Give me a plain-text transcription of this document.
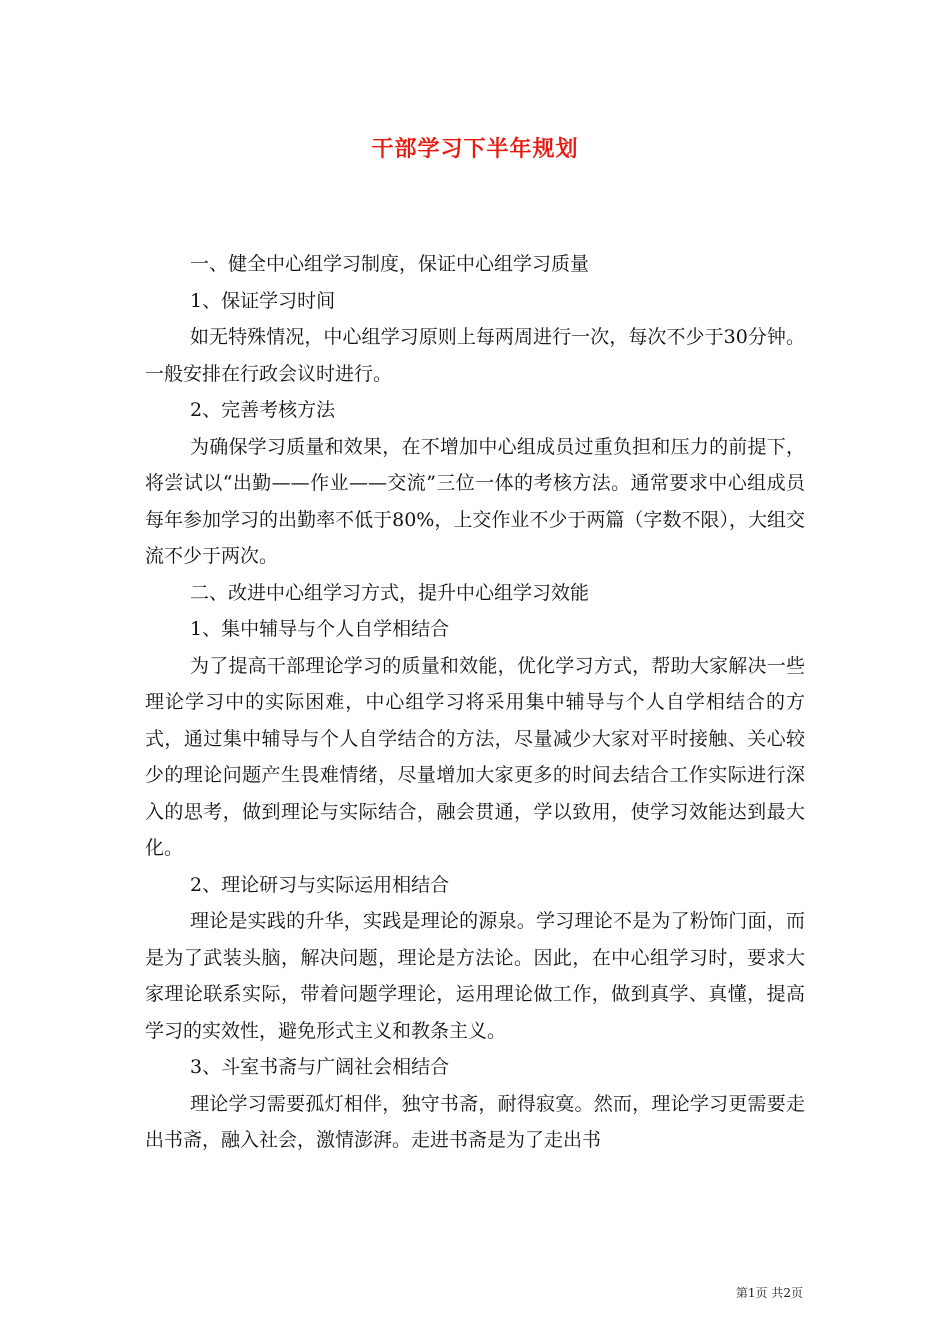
干部学习下半年规划

一、健全中心组学习制度，保证中心组学习质量

1、保证学习时间

如无特殊情况，中心组学习原则上每两周进行一次，每次不少于30分钟。一般安排在行政会议时进行。

2、完善考核方法

为确保学习质量和效果，在不增加中心组成员过重负担和压力的前提下，将尝试以“出勤——作业——交流”三位一体的考核方法。通常要求中心组成员每年参加学习的出勤率不低于80%，上交作业不少于两篇（字数不限），大组交流不少于两次。

二、改进中心组学习方式，提升中心组学习效能

1、集中辅导与个人自学相结合

为了提高干部理论学习的质量和效能，优化学习方式，帮助大家解决一些理论学习中的实际困难，中心组学习将采用集中辅导与个人自学相结合的方式，通过集中辅导与个人自学结合的方法，尽量减少大家对平时接触、关心较少的理论问题产生畏难情绪，尽量增加大家更多的时间去结合工作实际进行深入的思考，做到理论与实际结合，融会贯通，学以致用，使学习效能达到最大化。

2、理论研习与实际运用相结合

理论是实践的升华，实践是理论的源泉。学习理论不是为了粉饰门面，而是为了武装头脑，解决问题，理论是方法论。因此，在中心组学习时，要求大家理论联系实际，带着问题学理论，运用理论做工作，做到真学、真懂，提高学习的实效性，避免形式主义和教条主义。

3、斗室书斋与广阔社会相结合

理论学习需要孤灯相伴，独守书斋，耐得寂寞。然而，理论学习更需要走出书斋，融入社会，激情澎湃。走进书斋是为了走出书

第1页 共2页
